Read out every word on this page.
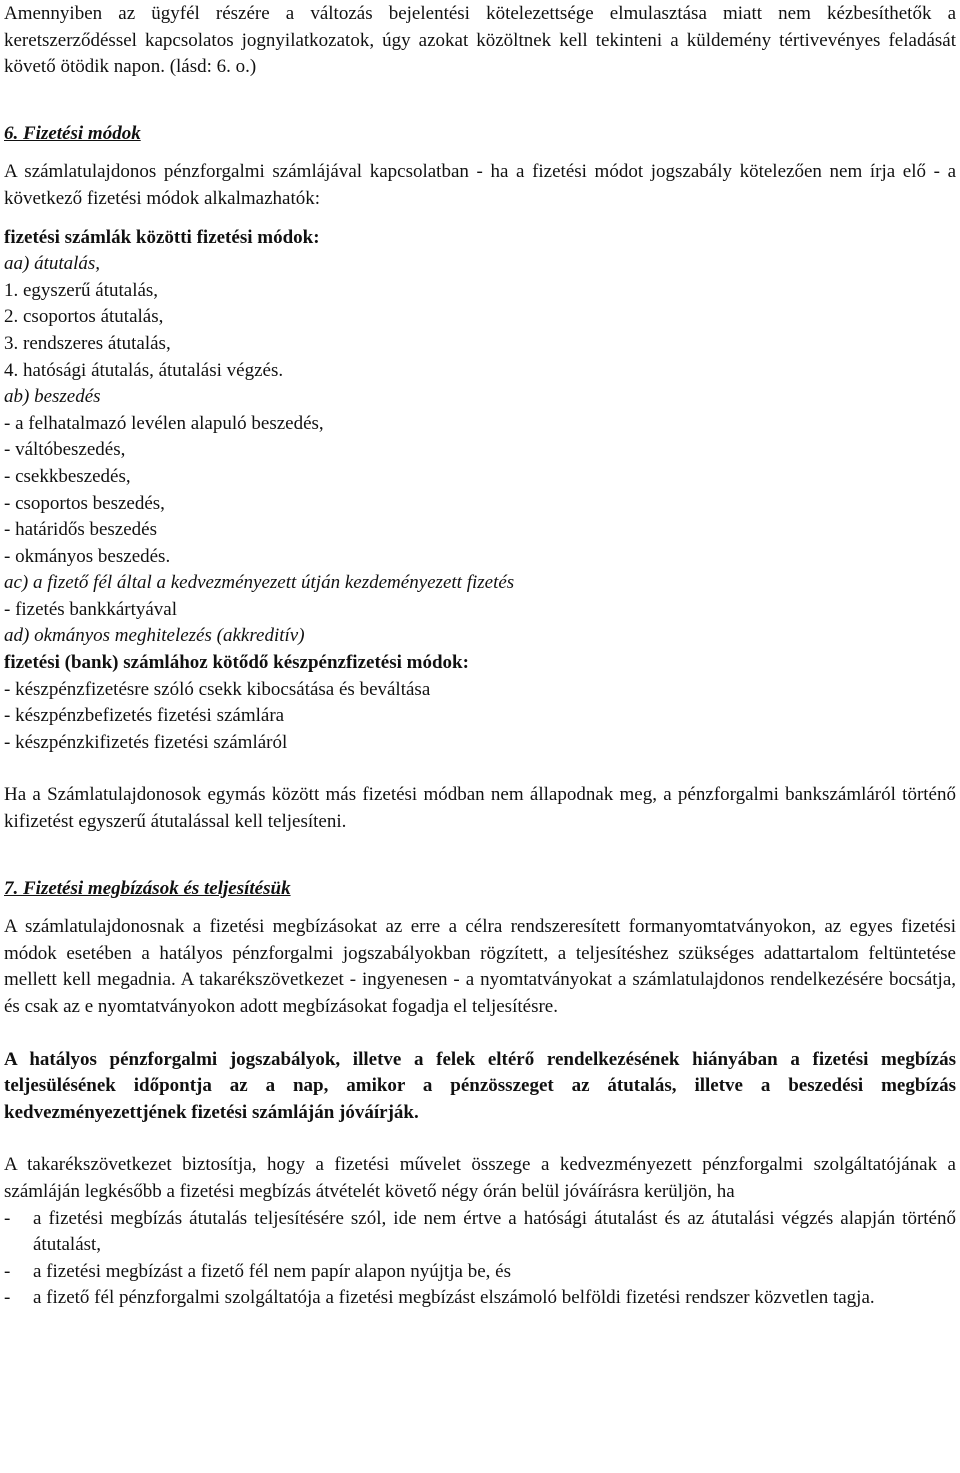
Amennyiben az ügyfél részére a változás bejelentési kötelezettsége elmulasztása miatt nem kézbesíthetők a keretszerződéssel kapcsolatos jognyilatkozatok, úgy azokat közöltnek kell tekinteni a küldemény tértivevényes feladását követő ötödik napon. (lásd: 6. o.)

6. Fizetési módok

A számlatulajdonos pénzforgalmi számlájával kapcsolatban - ha a fizetési módot jogszabály kötelezően nem írja elő - a következő fizetési módok alkalmazhatók:

fizetési számlák közötti fizetési módok:

aa) átutalás,

1. egyszerű átutalás,
2. csoportos átutalás,
3. rendszeres átutalás,
4. hatósági átutalás, átutalási végzés.

ab) beszedés

- a felhatalmazó levélen alapuló beszedés,
- váltóbeszedés,
- csekkbeszedés,
- csoportos beszedés,
- határidős beszedés
- okmányos beszedés.

ac) a fizető fél által a kedvezményezett útján kezdeményezett fizetés

- fizetés bankkártyával

ad) okmányos meghitelezés (akkreditív)

fizetési (bank) számlához kötődő készpénzfizetési módok:

- készpénzfizetésre szóló csekk kibocsátása és beváltása
- készpénzbefizetés fizetési számlára
- készpénzkifizetés fizetési számláról

Ha a Számlatulajdonosok egymás között más fizetési módban nem állapodnak meg, a pénzforgalmi bankszámláról történő kifizetést egyszerű átutalással kell teljesíteni.

7. Fizetési megbízások és teljesítésük

A számlatulajdonosnak a fizetési megbízásokat az erre a célra rendszeresített formanyomtatványokon, az egyes fizetési módok esetében a hatályos pénzforgalmi jogszabályokban rögzített, a teljesítéshez szükséges adattartalom feltüntetése mellett kell megadnia. A takarékszövetkezet - ingyenesen - a nyomtatványokat a számlatulajdonos rendelkezésére bocsátja, és csak az e nyomtatványokon adott megbízásokat fogadja el teljesítésre.

A hatályos pénzforgalmi jogszabályok, illetve a felek eltérő rendelkezésének hiányában a fizetési megbízás teljesülésének időpontja az a nap, amikor a pénzösszeget az átutalás, illetve a beszedési megbízás kedvezményezettjének fizetési számláján jóváírják.

A takarékszövetkezet biztosítja, hogy a fizetési művelet összege a kedvezményezett pénzforgalmi szolgáltatójának a számláján legkésőbb a fizetési megbízás átvételét követő négy órán belül jóváírásra kerüljön, ha

- a fizetési megbízás átutalás teljesítésére szól, ide nem értve a hatósági átutalást és az átutalási végzés alapján történő átutalást,
- a fizetési megbízást a fizető fél nem papír alapon nyújtja be, és
- a fizető fél pénzforgalmi szolgáltatója a fizetési megbízást elszámoló belföldi fizetési rendszer közvetlen tagja.
